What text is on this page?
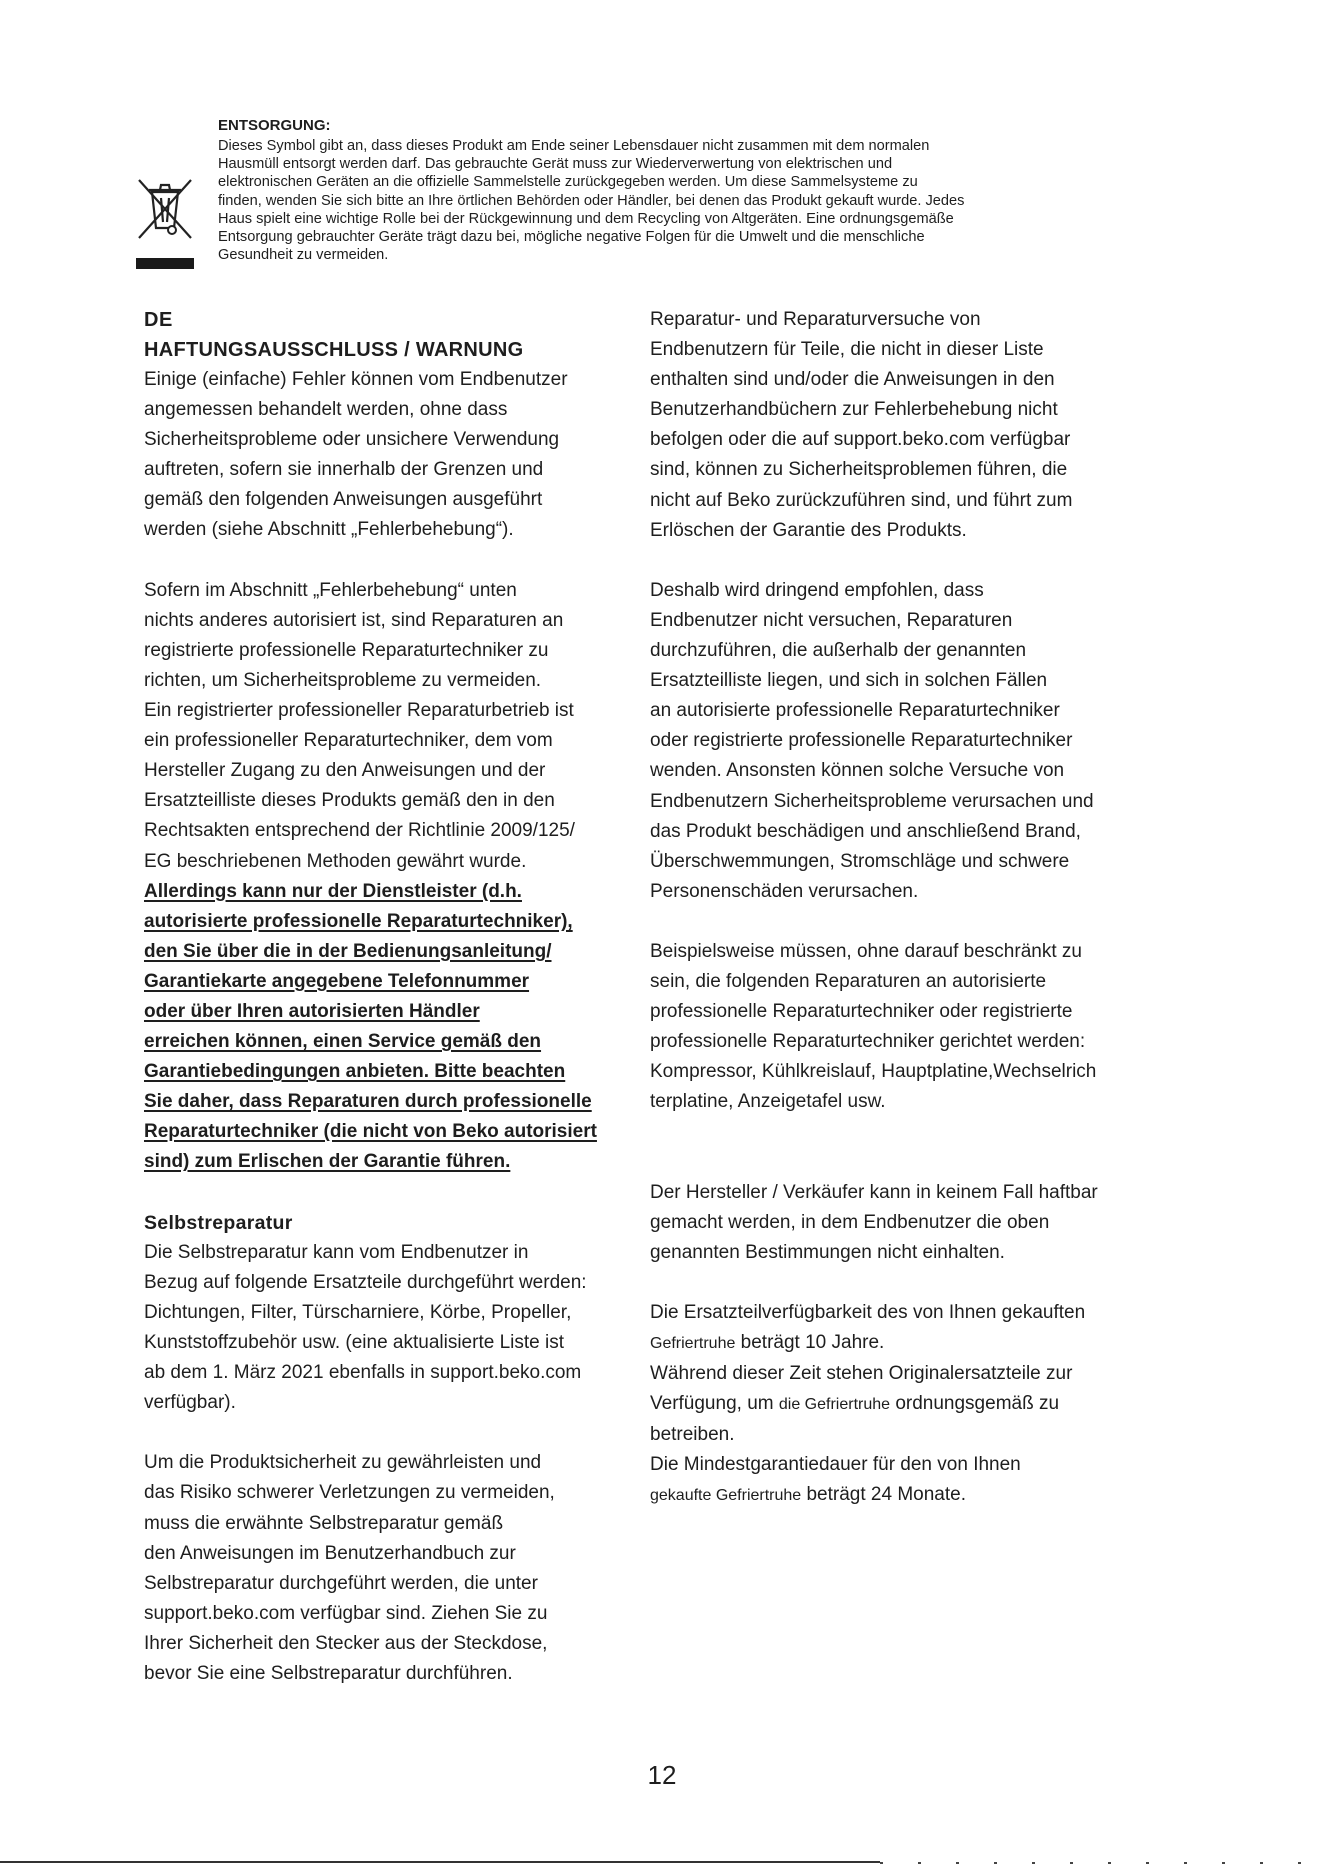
ENTSORGUNG:
Dieses Symbol gibt an, dass dieses Produkt am Ende seiner Lebensdauer nicht zusammen mit dem normalen
Hausmüll entsorgt werden darf. Das gebrauchte Gerät muss zur Wiederverwertung von elektrischen und
elektronischen Geräten an die offizielle Sammelstelle zurückgegeben werden. Um diese Sammelsysteme zu
finden, wenden Sie sich bitte an Ihre örtlichen Behörden oder Händler, bei denen das Produkt gekauft wurde. Jedes
Haus spielt eine wichtige Rolle bei der Rückgewinnung und dem Recycling von Altgeräten. Eine ordnungsgemäße
Entsorgung gebrauchter Geräte trägt dazu bei, mögliche negative Folgen für die Umwelt und die menschliche
Gesundheit zu vermeiden.
DE
HAFTUNGSAUSSCHLUSS / WARNUNG
Einige (einfache) Fehler können vom Endbenutzer
angemessen behandelt werden, ohne dass
Sicherheitsprobleme oder unsichere Verwendung
auftreten, sofern sie innerhalb der Grenzen und
gemäß den folgenden Anweisungen ausgeführt
werden (siehe Abschnitt „Fehlerbehebung“).
Sofern im Abschnitt „Fehlerbehebung“ unten
nichts anderes autorisiert ist, sind Reparaturen an
registrierte professionelle Reparaturtechniker zu
richten, um Sicherheitsprobleme zu vermeiden.
Ein registrierter professioneller Reparaturbetrieb ist
ein professioneller Reparaturtechniker, dem vom
Hersteller Zugang zu den Anweisungen und der
Ersatzteilliste dieses Produkts gemäß den in den
Rechtsakten entsprechend der Richtlinie 2009/125/
EG beschriebenen Methoden gewährt wurde.
Allerdings kann nur der Dienstleister (d.h.
autorisierte professionelle Reparaturtechniker),
den Sie über die in der Bedienungsanleitung/
Garantiekarte angegebene Telefonnummer
oder über Ihren autorisierten Händler
erreichen können, einen Service gemäß den
Garantiebedingungen anbieten. Bitte beachten
Sie daher, dass Reparaturen durch professionelle
Reparaturtechniker (die nicht von Beko autorisiert
sind) zum Erlischen der Garantie führen.
Selbstreparatur
Die Selbstreparatur kann vom Endbenutzer in
Bezug auf folgende Ersatzteile durchgeführt werden:
Dichtungen, Filter, Türscharniere, Körbe, Propeller,
Kunststoffzubehör usw. (eine aktualisierte Liste ist
ab dem 1. März 2021 ebenfalls in support.beko.com
verfügbar).
Um die Produktsicherheit zu gewährleisten und
das Risiko schwerer Verletzungen zu vermeiden,
muss die erwähnte Selbstreparatur gemäß
den Anweisungen im Benutzerhandbuch zur
Selbstreparatur durchgeführt werden, die unter
support.beko.com verfügbar sind. Ziehen Sie zu
Ihrer Sicherheit den Stecker aus der Steckdose,
bevor Sie eine Selbstreparatur durchführen.
Reparatur- und Reparaturversuche von
Endbenutzern für Teile, die nicht in dieser Liste
enthalten sind und/oder die Anweisungen in den
Benutzerhandbüchern zur Fehlerbehebung nicht
befolgen oder die auf support.beko.com verfügbar
sind, können zu Sicherheitsproblemen führen, die
nicht auf Beko zurückzuführen sind, und führt zum
Erlöschen der Garantie des Produkts.
Deshalb wird dringend empfohlen, dass
Endbenutzer nicht versuchen, Reparaturen
durchzuführen, die außerhalb der genannten
Ersatzteilliste liegen, und sich in solchen Fällen
an autorisierte professionelle Reparaturtechniker
oder registrierte professionelle Reparaturtechniker
wenden. Ansonsten können solche Versuche von
Endbenutzern Sicherheitsprobleme verursachen und
das Produkt beschädigen und anschließend Brand,
Überschwemmungen, Stromschläge und schwere
Personenschäden verursachen.
Beispielsweise müssen, ohne darauf beschränkt zu
sein, die folgenden Reparaturen an autorisierte
professionelle Reparaturtechniker oder registrierte
professionelle Reparaturtechniker gerichtet werden:
Kompressor, Kühlkreislauf, Hauptplatine,Wechselrich
terplatine, Anzeigetafel usw.
Der Hersteller / Verkäufer kann in keinem Fall haftbar
gemacht werden, in dem Endbenutzer die oben
genannten Bestimmungen nicht einhalten.
Die Ersatzteilverfügbarkeit des von Ihnen gekauften
Gefriertruhe beträgt 10 Jahre.
Während dieser Zeit stehen Originalersatzteile zur
Verfügung, um die Gefriertruhe ordnungsgemäß zu
betreiben.
Die Mindestgarantiedauer für den von Ihnen
gekaufte Gefriertruhe beträgt 24 Monate.
12
